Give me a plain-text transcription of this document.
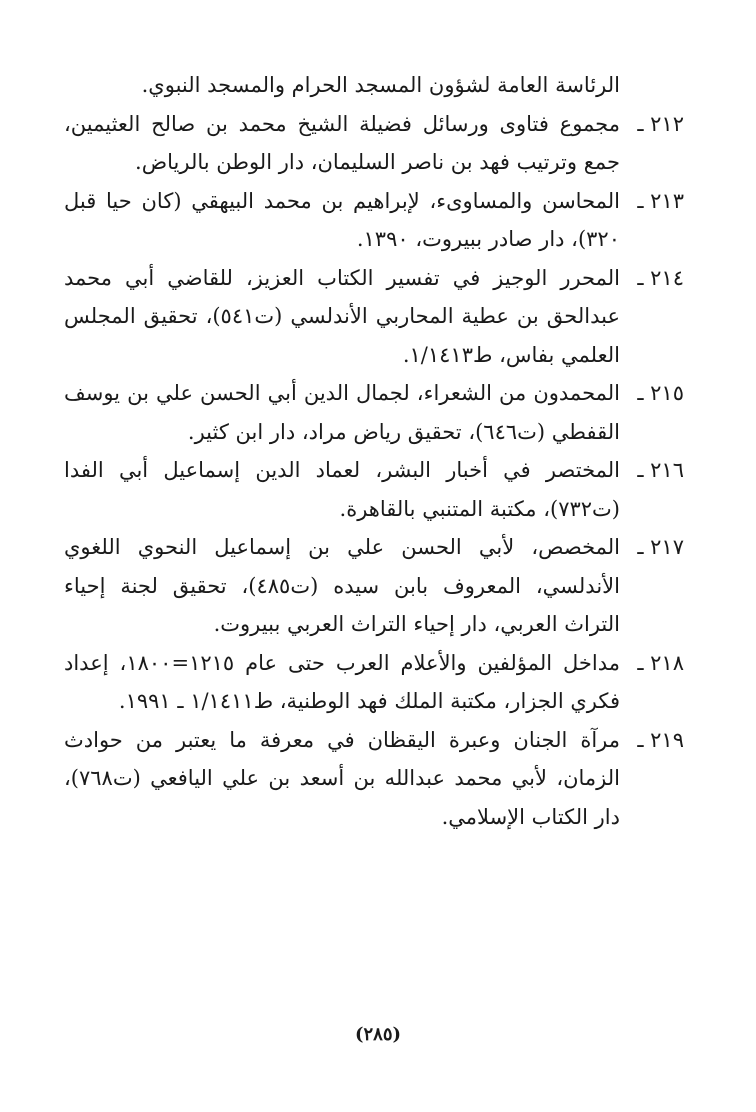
الرئاسة العامة لشؤون المسجد الحرام والمسجد النبوي.

٢١٢ ـ
مجموع فتاوى ورسائل فضيلة الشيخ محمد بن صالح العثيمين، جمع وترتيب فهد بن ناصر السليمان، دار الوطن بالرياض.
٢١٣ ـ
المحاسن والمساوىء، لإبراهيم بن محمد البيهقي (كان حيا قبل ٣٢٠)، دار صادر ببيروت، ١٣٩٠.
٢١٤ ـ
المحرر الوجيز في تفسير الكتاب العزيز، للقاضي أبي محمد عبدالحق بن عطية المحاربي الأندلسي (ت٥٤١)، تحقيق المجلس العلمي بفاس، ط١/١٤١٣.
٢١٥ ـ
المحمدون من الشعراء، لجمال الدين أبي الحسن علي بن يوسف القفطي (ت٦٤٦)، تحقيق رياض مراد، دار ابن كثير.
٢١٦ ـ
المختصر في أخبار البشر، لعماد الدين إسماعيل أبي الفدا (ت٧٣٢)، مكتبة المتنبي بالقاهرة.
٢١٧ ـ
المخصص، لأبي الحسن علي بن إسماعيل النحوي اللغوي الأندلسي، المعروف بابن سيده (ت٤٨٥)، تحقيق لجنة إحياء التراث العربي، دار إحياء التراث العربي ببيروت.
٢١٨ ـ
مداخل المؤلفين والأعلام العرب حتى عام ١٢١٥=١٨٠٠، إعداد فكري الجزار، مكتبة الملك فهد الوطنية، ط١/١٤١١ ـ ١٩٩١.
٢١٩ ـ
مرآة الجنان وعبرة اليقظان في معرفة ما يعتبر من حوادث الزمان، لأبي محمد عبدالله بن أسعد بن علي اليافعي (ت٧٦٨)، دار الكتاب الإسلامي.
(٢٨٥)
